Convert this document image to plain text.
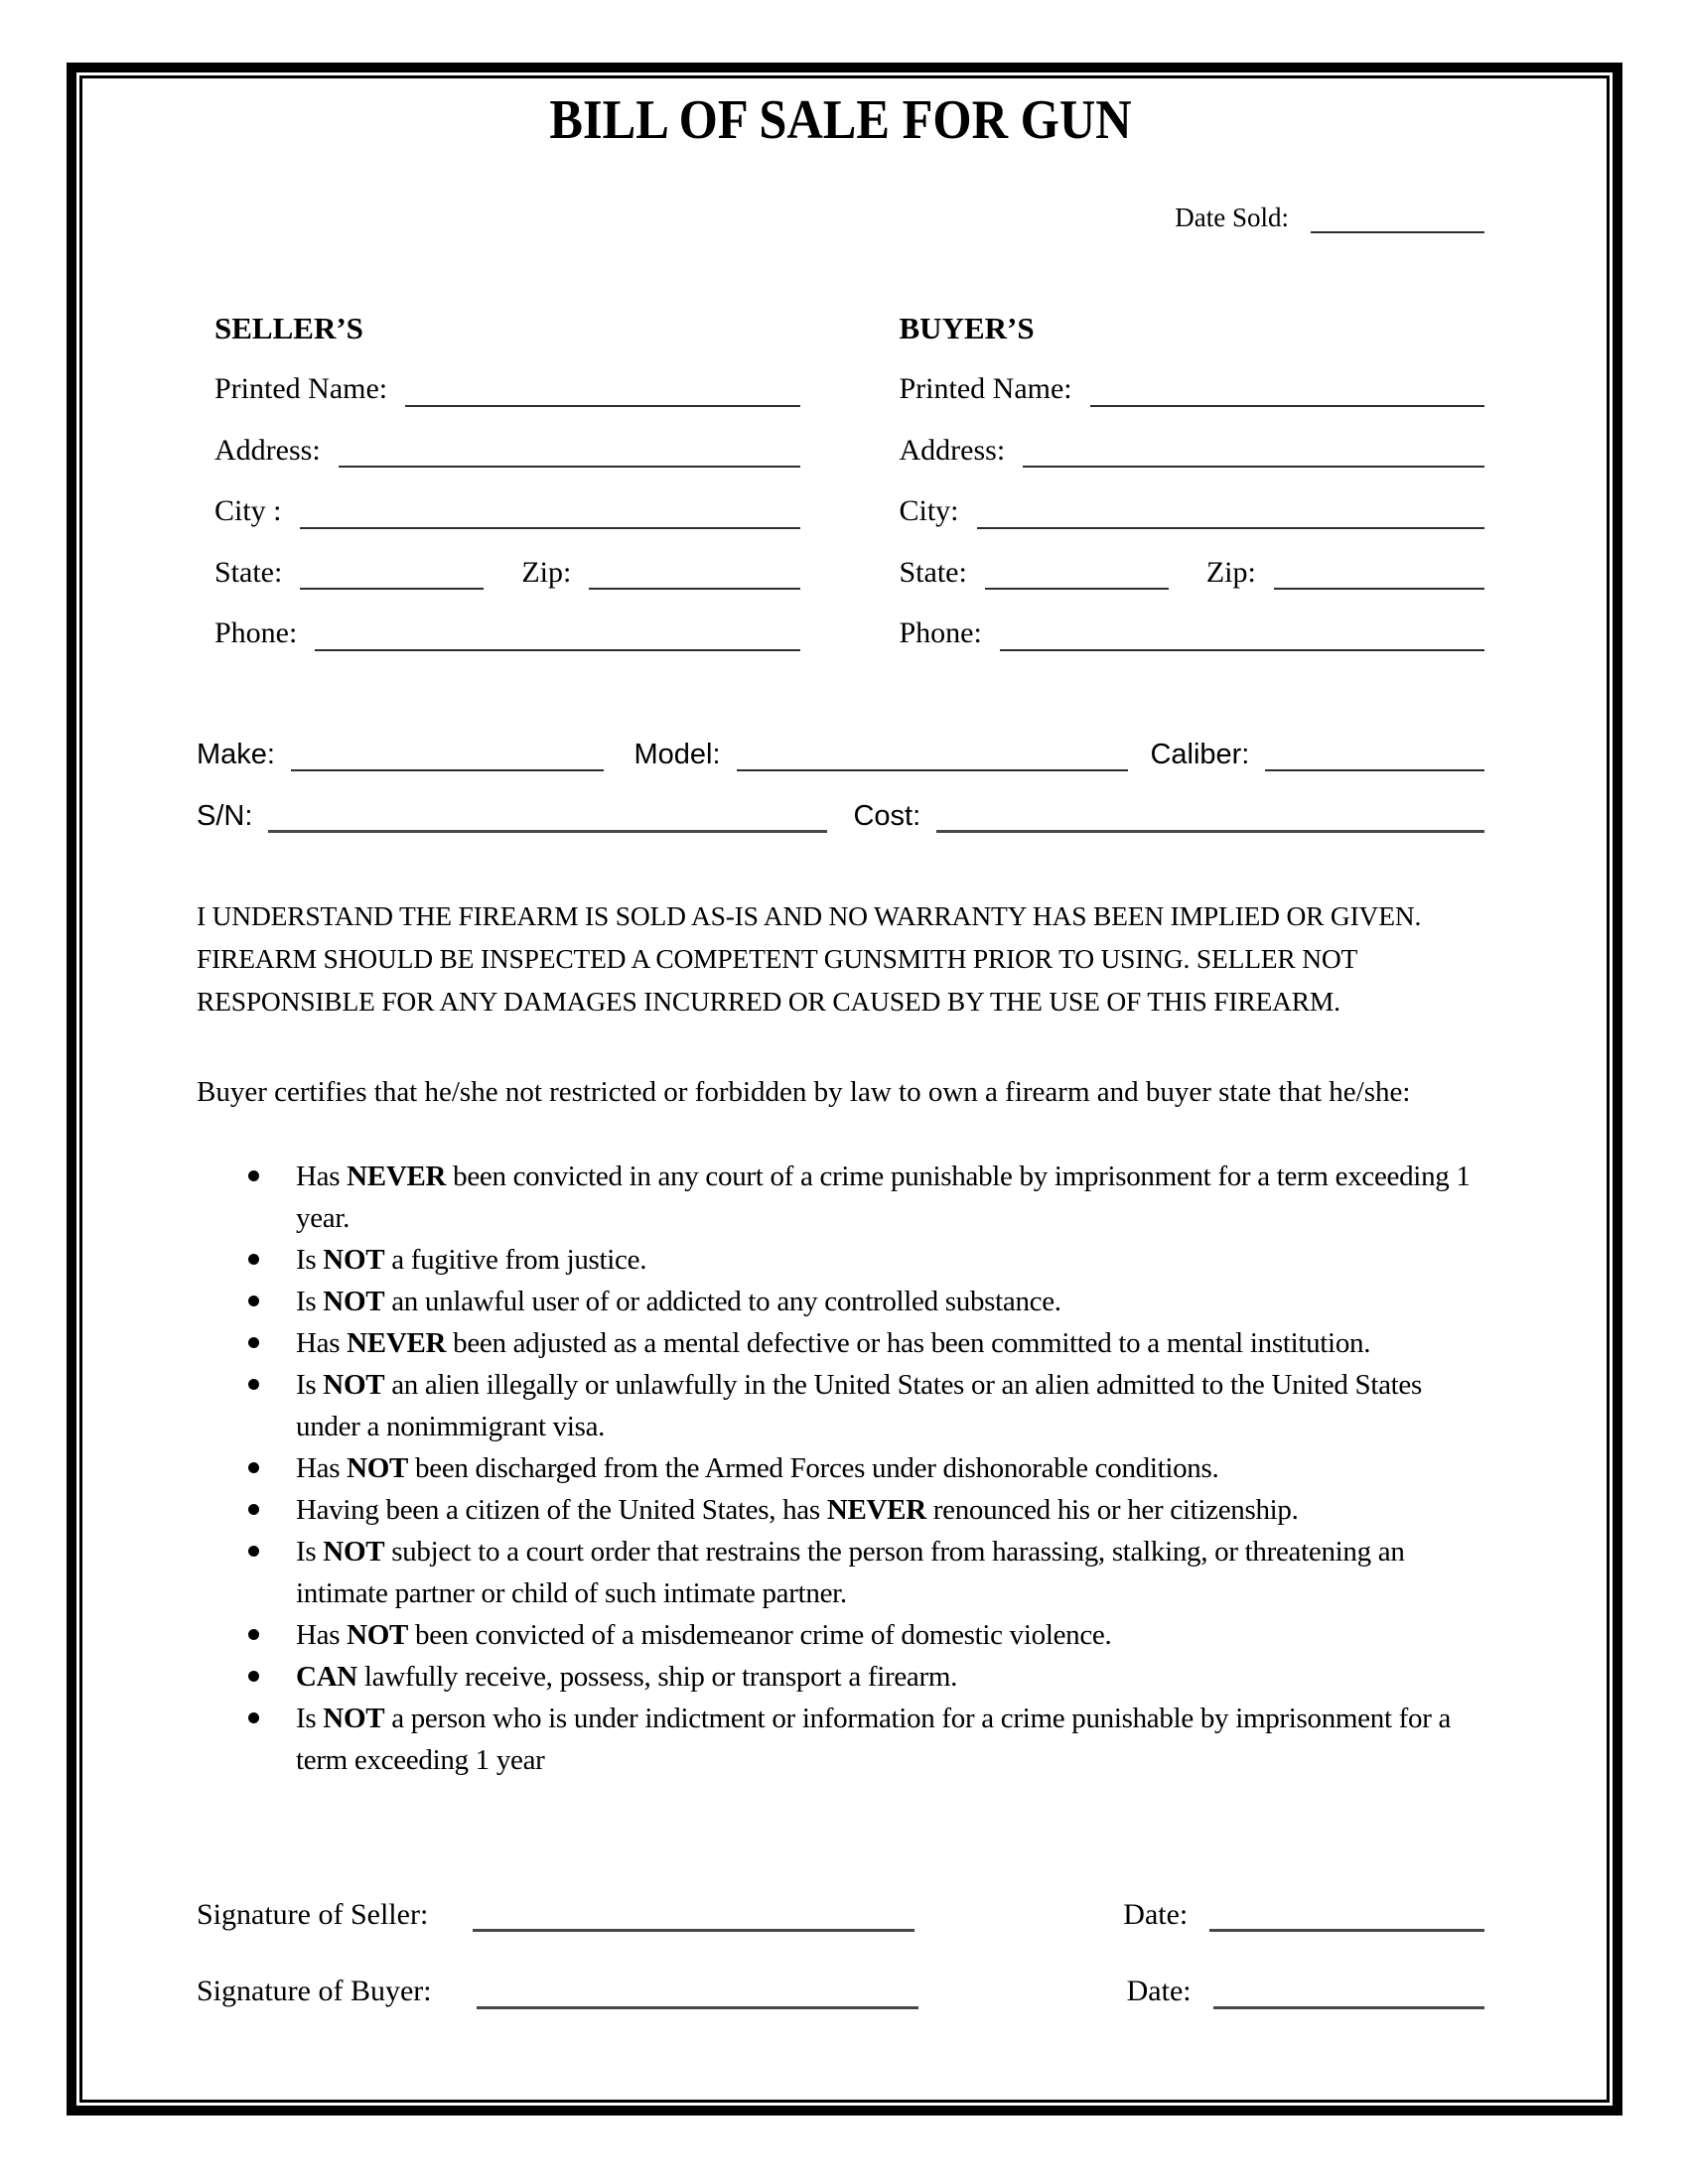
BILL OF SALE FOR GUN
Date Sold:
SELLER’S
Printed Name:
Address:
City :
State:	Zip:
Phone:
BUYER’S
Printed Name:
Address:
City:
State:	Zip:
Phone:
Make:	Model:	Caliber:
S/N:	Cost:

I UNDERSTAND THE FIREARM IS SOLD AS-IS AND NO WARRANTY HAS BEEN IMPLIED OR GIVEN. FIREARM SHOULD BE INSPECTED A COMPETENT GUNSMITH PRIOR TO USING. SELLER NOT RESPONSIBLE FOR ANY DAMAGES INCURRED OR CAUSED BY THE USE OF THIS FIREARM.

Buyer certifies that he/she not restricted or forbidden by law to own a firearm and buyer state that he/she:

Has NEVER been convicted in any court of a crime punishable by imprisonment for a term exceeding 1 year.
Is NOT a fugitive from justice.
Is NOT an unlawful user of or addicted to any controlled substance.
Has NEVER been adjusted as a mental defective or has been committed to a mental institution.
Is NOT an alien illegally or unlawfully in the United States or an alien admitted to the United States under a nonimmigrant visa.
Has NOT been discharged from the Armed Forces under dishonorable conditions.
Having been a citizen of the United States, has NEVER renounced his or her citizenship.
Is NOT subject to a court order that restrains the person from harassing, stalking, or threatening an intimate partner or child of such intimate partner.
Has NOT been convicted of a misdemeanor crime of domestic violence.
CAN lawfully receive, possess, ship or transport a firearm.
Is NOT a person who is under indictment or information for a crime punishable by imprisonment for a term exceeding 1 year
Signature of Seller:	Date:
Signature of Buyer:	Date:
